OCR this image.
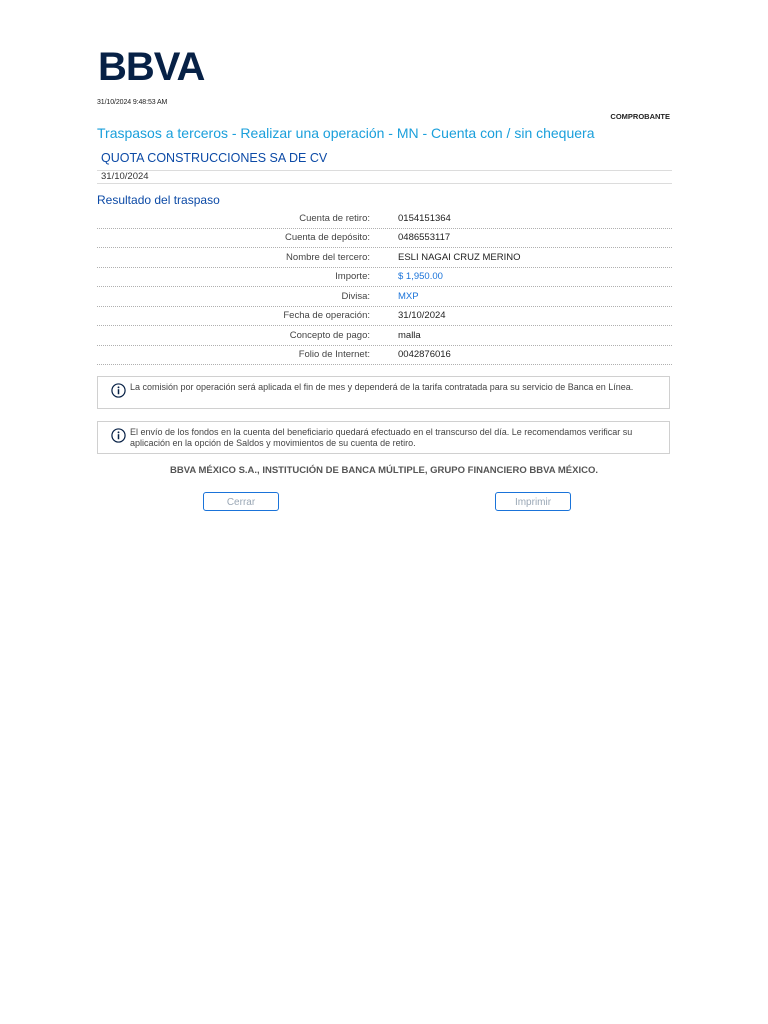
BBVA
31/10/2024 9:48:53 AM
COMPROBANTE
Traspasos a terceros - Realizar una operación - MN - Cuenta con / sin chequera
QUOTA CONSTRUCCIONES SA DE CV
31/10/2024
Resultado del traspaso
Cuenta de retiro:	0154151364
Cuenta de depósito:	0486553117
Nombre del tercero:	ESLI NAGAI CRUZ MERINO
Importe:	$ 1,950.00
Divisa:	MXP
Fecha de operación:	31/10/2024
Concepto de pago:	malla
Folio de Internet:	0042876016
La comisión por operación será aplicada el fin de mes y dependerá de la tarifa contratada para su servicio de Banca en Línea.
El envío de los fondos en la cuenta del beneficiario quedará efectuado en el transcurso del día. Le recomendamos verificar su aplicación en la opción de Saldos y movimientos de su cuenta de retiro.
BBVA MÉXICO S.A., INSTITUCIÓN DE BANCA MÚLTIPLE, GRUPO FINANCIERO BBVA MÉXICO.
Cerrar	Imprimir
